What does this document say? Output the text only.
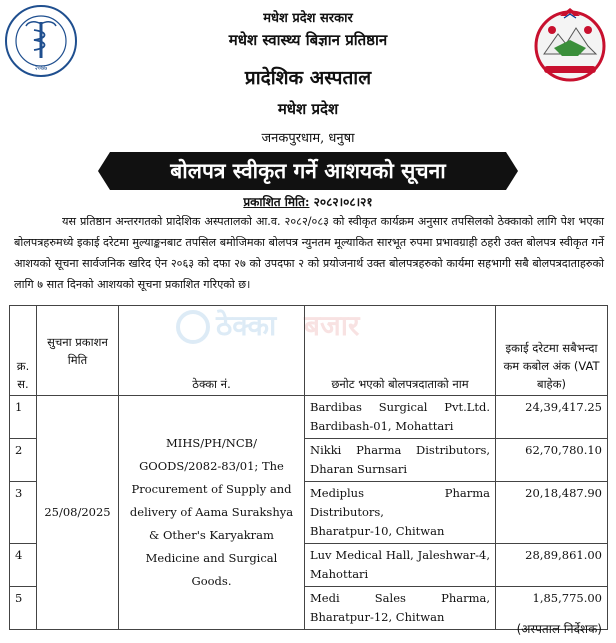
२०७७
मधेश प्रदेश सरकार
मधेश स्वास्थ्य बिज्ञान प्रतिष्ठान
प्रादेशिक अस्पताल
मधेश प्रदेश
जनकपुरधाम, धनुषा
बोलपत्र स्वीकृत गर्ने आशयको सूचना
प्रकाशित मिति: २०८२।०८।२१

यस प्रतिष्ठान अन्तरगतको प्रादेशिक अस्पतालको आ.व. २०८२/०८३ को स्वीकृत कार्यक्रम अनुसार तपसिलको ठेक्काको लागि पेश भएका बोलपत्रहरुमध्ये इकाई दरेटमा मुल्याङ्कनबाट तपसिल बमोजिमका बोलपत्र न्युनतम मूल्याकित सारभूत रुपमा प्रभावग्राही ठहरी उक्त बोलपत्र स्वीकृत गर्ने आशयको सूचना सार्वजनिक खरिद ऐन २०६३ को दफा २७ को उपदफा २ को प्रयोजनार्थ उक्त बोलपत्रहरुको कार्यमा सहभागी सबै बोलपत्रदाताहरुको लागि ७ सात दिनको आशयको सूचना प्रकाशित गरिएको छ।

ठेक्का बजार
क्र. स.	सुचना प्रकाशन मिति	ठेक्का नं.	छनोट भएको बोलपत्रदाताको नाम	इकाई दरेटमा सबैभन्दा कम कबोल अंक (VAT बाहेक)
1	25/08/2025	MIHS/PH/NCB/ GOODS/2082-83/01; The Procurement of Supply and delivery of Aama Surakshya & Other's Karyakram Medicine and Surgical Goods.	Bardibas Surgical Pvt.Ltd.
Bardibash-01, Mohattari	24,39,417.25
2			Nikki Pharma Distributors,
Dharan Surnsari	62,70,780.10
3			Mediplus Pharma Distributors,
Bharatpur-10, Chitwan	20,18,487.90
4			Luv Medical Hall, Jaleshwar-4,
Mahottari	28,89,861.00
5			Medi Sales Pharma,
Bharatpur-12, Chitwan	1,85,775.00
(अस्पताल निर्देशक)
